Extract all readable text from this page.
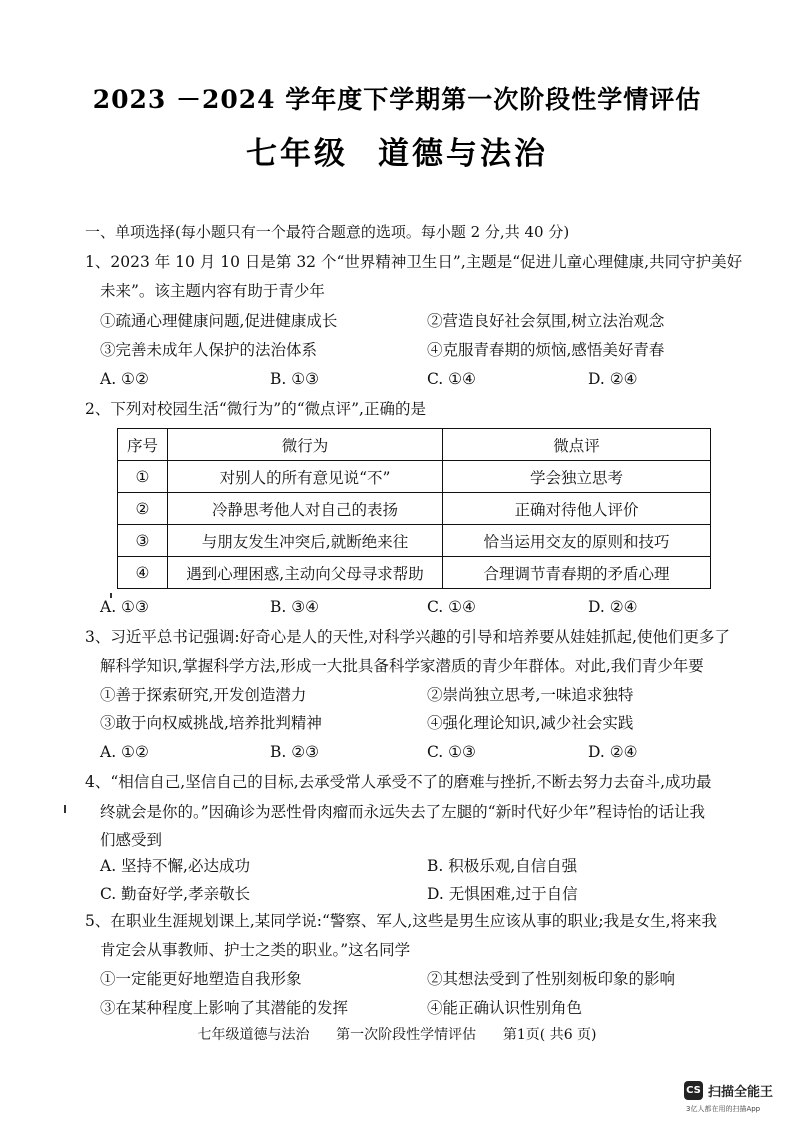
2023 －2024 学年度下学期第一次阶段性学情评估
七年级 道德与法治
一、单项选择(每小题只有一个最符合题意的选项。每小题 2 分,共 40 分)
1、2023 年 10 月 10 日是第 32 个“世界精神卫生日”,主题是“促进儿童心理健康,共同守护美好
未来”。该主题内容有助于青少年
①疏通心理健康问题,促进健康成长	②营造良好社会氛围,树立法治观念
③完善未成年人保护的法治体系	④克服青春期的烦恼,感悟美好青春
A. ①②	B. ①③	C. ①④	D. ②④
2、下列对校园生活“微行为”的“微点评”,正确的是
序号	微行为	微点评
①	对别人的所有意见说“不”	学会独立思考
②	冷静思考他人对自己的表扬	正确对待他人评价
③	与朋友发生冲突后,就断绝来往	恰当运用交友的原则和技巧
④	遇到心理困惑,主动向父母寻求帮助	合理调节青春期的矛盾心理
A. ①③	B. ③④	C. ①④	D. ②④
3、习近平总书记强调:好奇心是人的天性,对科学兴趣的引导和培养要从娃娃抓起,使他们更多了
解科学知识,掌握科学方法,形成一大批具备科学家潜质的青少年群体。对此,我们青少年要
①善于探索研究,开发创造潜力	②崇尚独立思考,一味追求独特
③敢于向权威挑战,培养批判精神	④强化理论知识,减少社会实践
A. ①②	B. ②③	C. ①③	D. ②④
4、“相信自己,坚信自己的目标,去承受常人承受不了的磨难与挫折,不断去努力去奋斗,成功最
终就会是你的。”因确诊为恶性骨肉瘤而永远失去了左腿的“新时代好少年”程诗怡的话让我
们感受到
A. 坚持不懈,必达成功	B. 积极乐观,自信自强
C. 勤奋好学,孝亲敬长	D. 无惧困难,过于自信
5、在职业生涯规划课上,某同学说:“警察、军人,这些是男生应该从事的职业;我是女生,将来我
肯定会从事教师、护士之类的职业。”这名同学
①一定能更好地塑造自我形象	②其想法受到了性别刻板印象的影响
③在某种程度上影响了其潜能的发挥	④能正确认识性别角色
七年级道德与法治 第一次阶段性学情评估 第1页( 共6 页)
CS 扫描全能王
3亿人都在用的扫描App
